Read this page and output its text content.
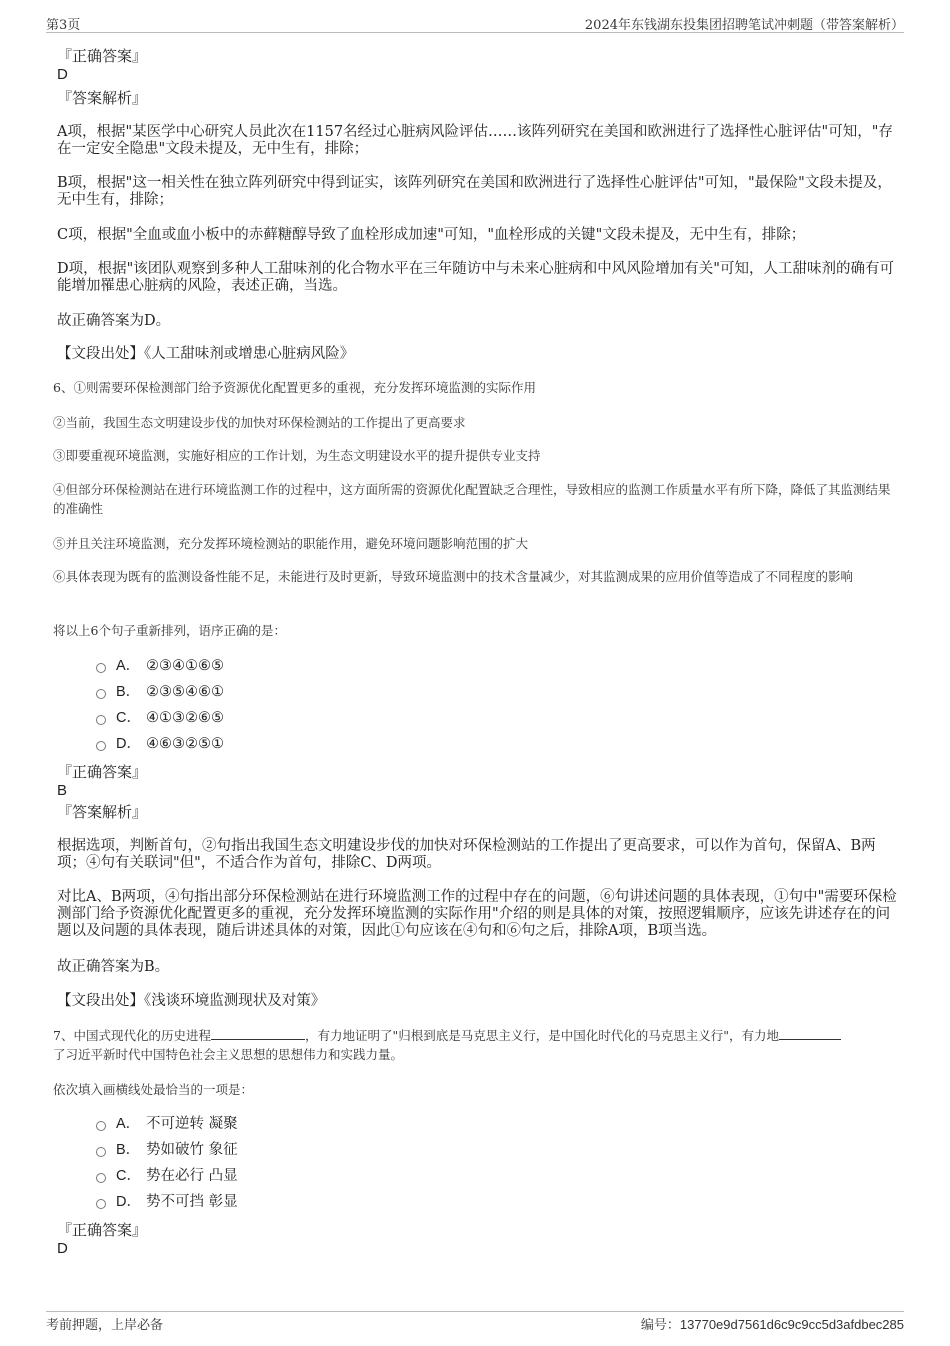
第3页	2024年东钱湖东投集团招聘笔试冲刺题（带答案解析）
『正确答案』
D
『答案解析』
A项，根据"某医学中心研究人员此次在1157名经过心脏病风险评估……该阵列研究在美国和欧洲进行了选择性心脏评估"可知，"存在一定安全隐患"文段未提及，无中生有，排除；
B项，根据"这一相关性在独立阵列研究中得到证实，该阵列研究在美国和欧洲进行了选择性心脏评估"可知，"最保险"文段未提及，无中生有，排除；
C项，根据"全血或血小板中的赤藓糖醇导致了血栓形成加速"可知，"血栓形成的关键"文段未提及，无中生有，排除；
D项，根据"该团队观察到多种人工甜味剂的化合物水平在三年随访中与未来心脏病和中风风险增加有关"可知，人工甜味剂的确有可能增加罹患心脏病的风险，表述正确，当选。
故正确答案为D。
【文段出处】《人工甜味剂或增患心脏病风险》
6、①则需要环保检测部门给予资源优化配置更多的重视，充分发挥环境监测的实际作用
②当前，我国生态文明建设步伐的加快对环保检测站的工作提出了更高要求
③即要重视环境监测，实施好相应的工作计划，为生态文明建设水平的提升提供专业支持
④但部分环保检测站在进行环境监测工作的过程中，这方面所需的资源优化配置缺乏合理性，导致相应的监测工作质量水平有所下降，降低了其监测结果的准确性
⑤并且关注环境监测，充分发挥环境检测站的职能作用，避免环境问题影响范围的扩大
⑥具体表现为既有的监测设备性能不足，未能进行及时更新，导致环境监测中的技术含量减少，对其监测成果的应用价值等造成了不同程度的影响
将以上6个句子重新排列，语序正确的是：
A． ②③④①⑥⑤
B． ②③⑤④⑥①
C． ④①③②⑥⑤
D． ④⑥③②⑤①
『正确答案』
B
『答案解析』
根据选项，判断首句，②句指出我国生态文明建设步伐的加快对环保检测站的工作提出了更高要求，可以作为首句，保留A、B两项；④句有关联词"但"，不适合作为首句，排除C、D两项。
对比A、B两项，④句指出部分环保检测站在进行环境监测工作的过程中存在的问题，⑥句讲述问题的具体表现，①句中"需要环保检测部门给予资源优化配置更多的重视，充分发挥环境监测的实际作用"介绍的则是具体的对策，按照逻辑顺序，应该先讲述存在的问题以及问题的具体表现，随后讲述具体的对策，因此①句应该在④句和⑥句之后，排除A项，B项当选。
故正确答案为B。
【文段出处】《浅谈环境监测现状及对策》
7、中国式现代化的历史进程	，有力地证明了"归根到底是马克思主义行，是中国化时代化的马克思主义行"，有力地
了习近平新时代中国特色社会主义思想的思想伟力和实践力量。
依次填入画横线处最恰当的一项是：
A． 不可逆转 凝聚
B． 势如破竹 象征
C． 势在必行 凸显
D． 势不可挡 彰显
『正确答案』
D
考前押题，上岸必备	编号：13770e9d7561d6c9c9cc5d3afdbec285
